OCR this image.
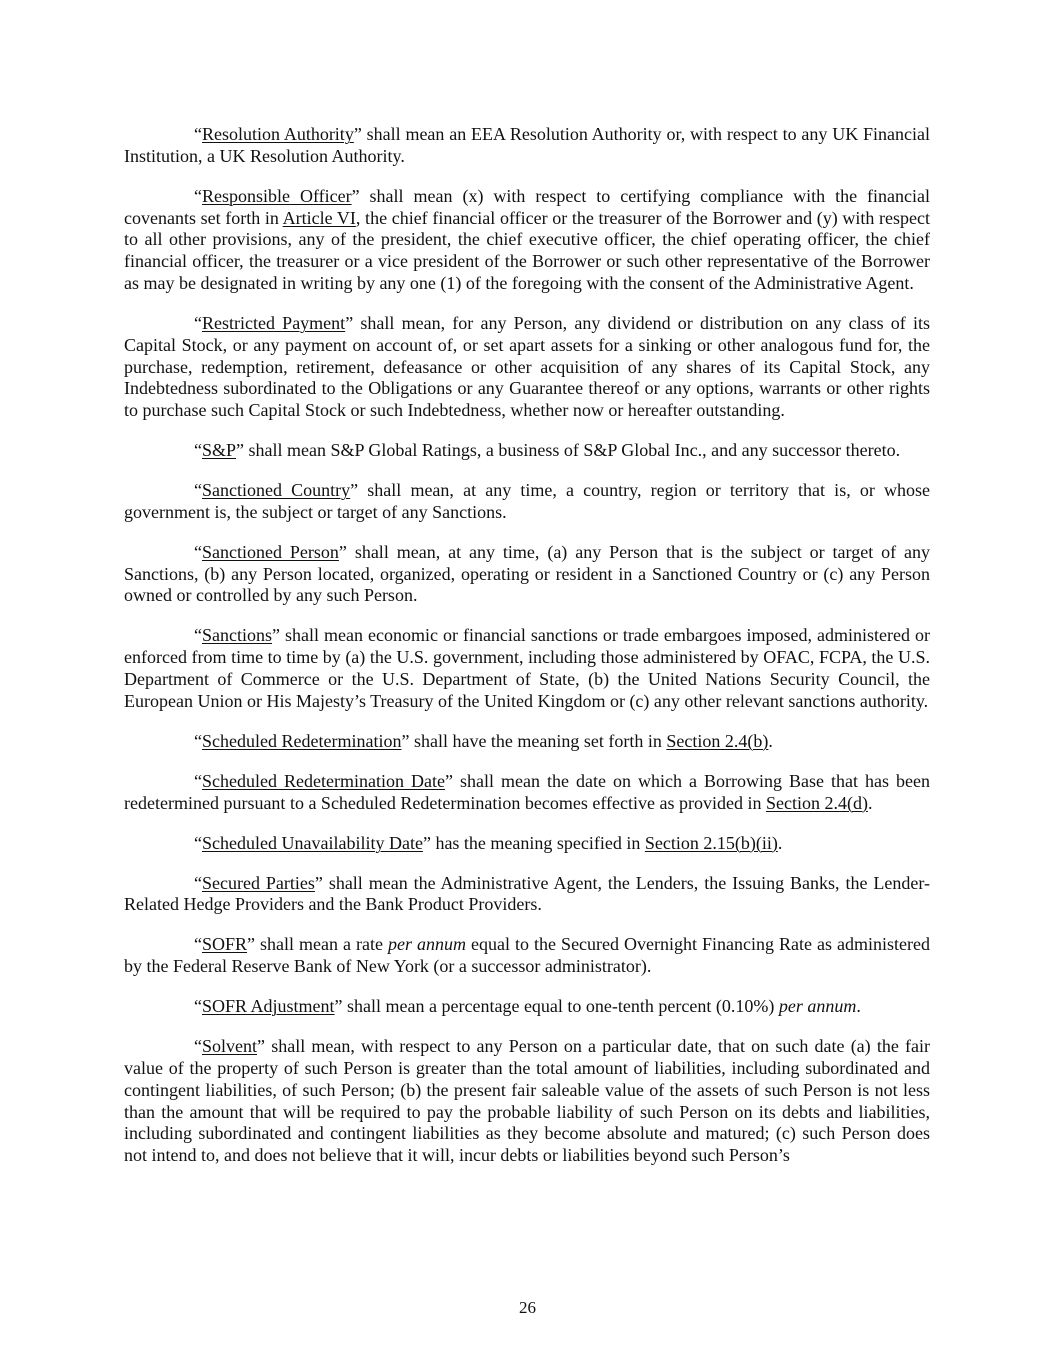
“Resolution Authority” shall mean an EEA Resolution Authority or, with respect to any UK Financial Institution, a UK Resolution Authority.

“Responsible Officer” shall mean (x) with respect to certifying compliance with the financial covenants set forth in Article VI, the chief financial officer or the treasurer of the Borrower and (y) with respect to all other provisions, any of the president, the chief executive officer, the chief operating officer, the chief financial officer, the treasurer or a vice president of the Borrower or such other representative of the Borrower as may be designated in writing by any one (1) of the foregoing with the consent of the Administrative Agent.

“Restricted Payment” shall mean, for any Person, any dividend or distribution on any class of its Capital Stock, or any payment on account of, or set apart assets for a sinking or other analogous fund for, the purchase, redemption, retirement, defeasance or other acquisition of any shares of its Capital Stock, any Indebtedness subordinated to the Obligations or any Guarantee thereof or any options, warrants or other rights to purchase such Capital Stock or such Indebtedness, whether now or hereafter outstanding.

“S&P” shall mean S&P Global Ratings, a business of S&P Global Inc., and any successor thereto.

“Sanctioned Country” shall mean, at any time, a country, region or territory that is, or whose government is, the subject or target of any Sanctions.

“Sanctioned Person” shall mean, at any time, (a) any Person that is the subject or target of any Sanctions, (b) any Person located, organized, operating or resident in a Sanctioned Country or (c) any Person owned or controlled by any such Person.

“Sanctions” shall mean economic or financial sanctions or trade embargoes imposed, administered or enforced from time to time by (a) the U.S. government, including those administered by OFAC, FCPA, the U.S. Department of Commerce or the U.S. Department of State, (b) the United Nations Security Council, the European Union or His Majesty’s Treasury of the United Kingdom or (c) any other relevant sanctions authority.

“Scheduled Redetermination” shall have the meaning set forth in Section 2.4(b).

“Scheduled Redetermination Date” shall mean the date on which a Borrowing Base that has been redetermined pursuant to a Scheduled Redetermination becomes effective as provided in Section 2.4(d).

“Scheduled Unavailability Date” has the meaning specified in Section 2.15(b)(ii).

“Secured Parties” shall mean the Administrative Agent, the Lenders, the Issuing Banks, the Lender-Related Hedge Providers and the Bank Product Providers.

“SOFR” shall mean a rate per annum equal to the Secured Overnight Financing Rate as administered by the Federal Reserve Bank of New York (or a successor administrator).

“SOFR Adjustment” shall mean a percentage equal to one-tenth percent (0.10%) per annum.

“Solvent” shall mean, with respect to any Person on a particular date, that on such date (a) the fair value of the property of such Person is greater than the total amount of liabilities, including subordinated and contingent liabilities, of such Person; (b) the present fair saleable value of the assets of such Person is not less than the amount that will be required to pay the probable liability of such Person on its debts and liabilities, including subordinated and contingent liabilities as they become absolute and matured; (c) such Person does not intend to, and does not believe that it will, incur debts or liabilities beyond such Person’s

26
